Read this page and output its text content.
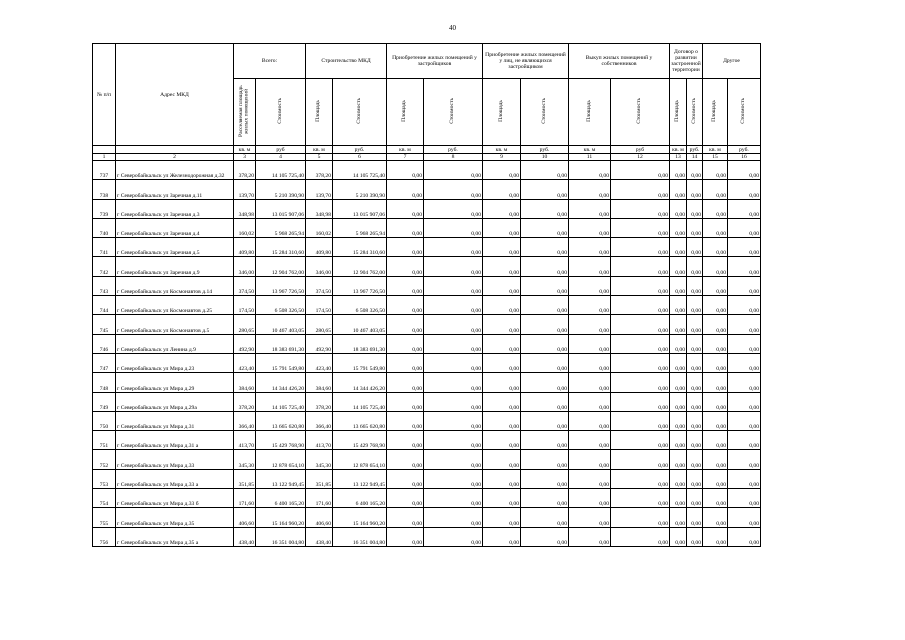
40
№ п/п	Адрес МКД	Всего:		Строительство МКД		Приобретение жилых помещений у застройщиков		Приобретение жилых помещений у лиц, не являющихся застройщиком		Выкуп жилых помещений у собственников		Договор о развитии застроенной территории		Другое	
		Расселяемая площадь жилых помещений	Стоимость	Площадь	Стоимость	Площадь	Стоимость	Площадь	Стоимость	Площадь	Стоимость	Площадь	Стоимость	Площадь	Стоимость
		кв. м	руб	кв. м	руб.	кв. м	руб.	кв. м	руб.	кв. м	руб	кв. м	руб.	кв. м	руб.
1	2	3	4	5	6	7	8	9	10	11	12	13	14	15	16
737	г Северобайкальск ул Железнодорожная д.32	378,20	14 105 725,40	378,20	14 105 725,40	0,00	0,00	0,00	0,00	0,00	0,00	0,00	0,00	0,00	0,00
738	г Северобайкальск ул Заречная д.11	139,70	5 210 390,90	139,70	5 210 390,90	0,00	0,00	0,00	0,00	0,00	0,00	0,00	0,00	0,00	0,00
739	г Северобайкальск ул Заречная д.3	348,98	13 015 907,06	348,98	13 015 907,06	0,00	0,00	0,00	0,00	0,00	0,00	0,00	0,00	0,00	0,00
740	г Северобайкальск ул Заречная д.4	160,02	5 968 265,94	160,02	5 968 265,94	0,00	0,00	0,00	0,00	0,00	0,00	0,00	0,00	0,00	0,00
741	г Северобайкальск ул Заречная д.5	409,80	15 284 310,60	409,80	15 284 310,60	0,00	0,00	0,00	0,00	0,00	0,00	0,00	0,00	0,00	0,00
742	г Северобайкальск ул Заречная д.9	346,00	12 904 762,00	346,00	12 904 762,00	0,00	0,00	0,00	0,00	0,00	0,00	0,00	0,00	0,00	0,00
743	г Северобайкальск ул Космонавтов д.14	374,50	13 967 726,50	374,50	13 967 726,50	0,00	0,00	0,00	0,00	0,00	0,00	0,00	0,00	0,00	0,00
744	г Северобайкальск ул Космонавтов д.25	174,50	6 508 326,50	174,50	6 508 326,50	0,00	0,00	0,00	0,00	0,00	0,00	0,00	0,00	0,00	0,00
745	г Северобайкальск ул Космонавтов д.5	280,65	10 467 403,05	280,65	10 467 403,05	0,00	0,00	0,00	0,00	0,00	0,00	0,00	0,00	0,00	0,00
746	г Северобайкальск ул Ленина д.9	492,90	18 383 691,30	492,90	18 383 691,30	0,00	0,00	0,00	0,00	0,00	0,00	0,00	0,00	0,00	0,00
747	г Северобайкальск ул Мира д.23	423,40	15 791 549,80	423,40	15 791 549,80	0,00	0,00	0,00	0,00	0,00	0,00	0,00	0,00	0,00	0,00
748	г Северобайкальск ул Мира д.29	384,60	14 344 426,20	384,60	14 344 426,20	0,00	0,00	0,00	0,00	0,00	0,00	0,00	0,00	0,00	0,00
749	г Северобайкальск ул Мира д.29а	378,20	14 105 725,40	378,20	14 105 725,40	0,00	0,00	0,00	0,00	0,00	0,00	0,00	0,00	0,00	0,00
750	г Северобайкальск ул Мира д.31	366,40	13 665 620,80	366,40	13 665 620,80	0,00	0,00	0,00	0,00	0,00	0,00	0,00	0,00	0,00	0,00
751	г Северобайкальск ул Мира д.31 а	413,70	15 429 768,90	413,70	15 429 768,90	0,00	0,00	0,00	0,00	0,00	0,00	0,00	0,00	0,00	0,00
752	г Северобайкальск ул Мира д.33	345,30	12 878 654,10	345,30	12 878 654,10	0,00	0,00	0,00	0,00	0,00	0,00	0,00	0,00	0,00	0,00
753	г Северобайкальск ул Мира д.33 а	351,85	13 122 949,45	351,85	13 122 949,45	0,00	0,00	0,00	0,00	0,00	0,00	0,00	0,00	0,00	0,00
754	г Северобайкальск ул Мира д.33 б	171,60	6 400 165,20	171,60	6 400 165,20	0,00	0,00	0,00	0,00	0,00	0,00	0,00	0,00	0,00	0,00
755	г Северобайкальск ул Мира д.35	406,60	15 164 960,20	406,60	15 164 960,20	0,00	0,00	0,00	0,00	0,00	0,00	0,00	0,00	0,00	0,00
756	г Северобайкальск ул Мира д.35 а	438,40	16 351 004,80	438,40	16 351 004,80	0,00	0,00	0,00	0,00	0,00	0,00	0,00	0,00	0,00	0,00
